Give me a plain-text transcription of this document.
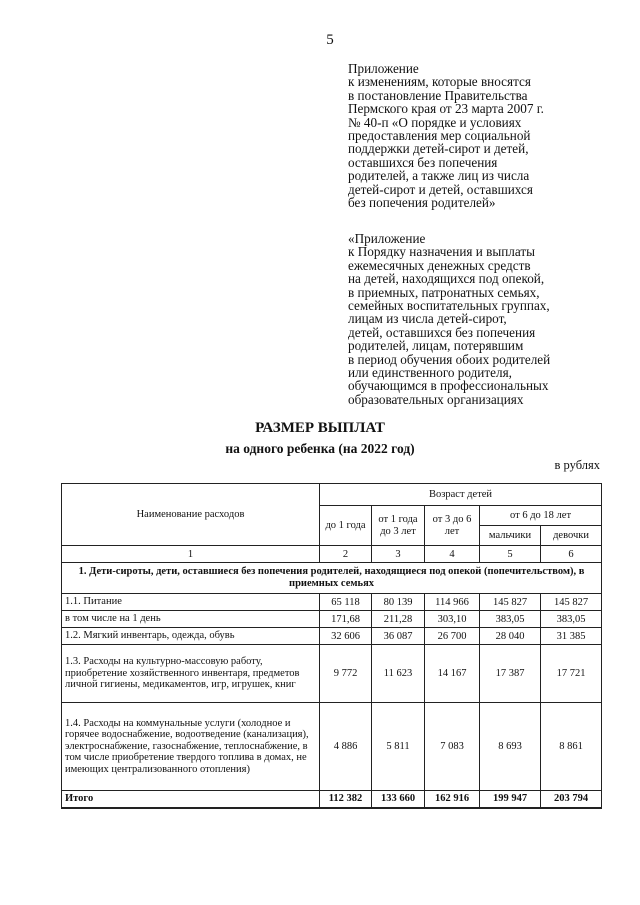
5
Приложение
к изменениям, которые вносятся
в постановление Правительства
Пермского края от 23 марта 2007 г.
№ 40-п «О порядке и условиях
предоставления мер социальной
поддержки детей-сирот и детей,
оставшихся без попечения
родителей, а также лиц из числа
детей-сирот и детей, оставшихся
без попечения родителей»
«Приложение
к Порядку назначения и выплаты
ежемесячных денежных средств
на детей, находящихся под опекой,
в приемных, патронатных семьях,
семейных воспитательных группах,
лицам из числа детей-сирот,
детей, оставшихся без попечения
родителей, лицам, потерявшим
в период обучения обоих родителей
или единственного родителя,
обучающимся в профессиональных
образовательных организациях
РАЗМЕР ВЫПЛАТ
на одного ребенка (на 2022 год)
в рублях
Наименование расходов	Возраст детей				
	до 1 года	от 1 года до 3 лет	от 3 до 6 лет	от 6 до 18 лет	
				мальчики	девочки
1	2	3	4	5	6
1. Дети-сироты, дети, оставшиеся без попечения родителей, находящиеся под опекой (попечительством), в приемных семьях					
1.1. Питание	65 118	80 139	114 966	145 827	145 827
в том числе на 1 день	171,68	211,28	303,10	383,05	383,05
1.2. Мягкий инвентарь, одежда, обувь	32 606	36 087	26 700	28 040	31 385
1.3. Расходы на культурно-массовую работу, приобретение хозяйственного инвентаря, предметов личной гигиены, медикаментов, игр, игрушек, книг	9 772	11 623	14 167	17 387	17 721
1.4. Расходы на коммунальные услуги (холодное и горячее водоснабжение, водоотведение (канализация), электроснабжение, газоснабжение, теплоснабжение, в том числе приобретение твердого топлива в домах, не имеющих централизованного отопления)	4 886	5 811	7 083	8 693	8 861
Итого	112 382	133 660	162 916	199 947	203 794
